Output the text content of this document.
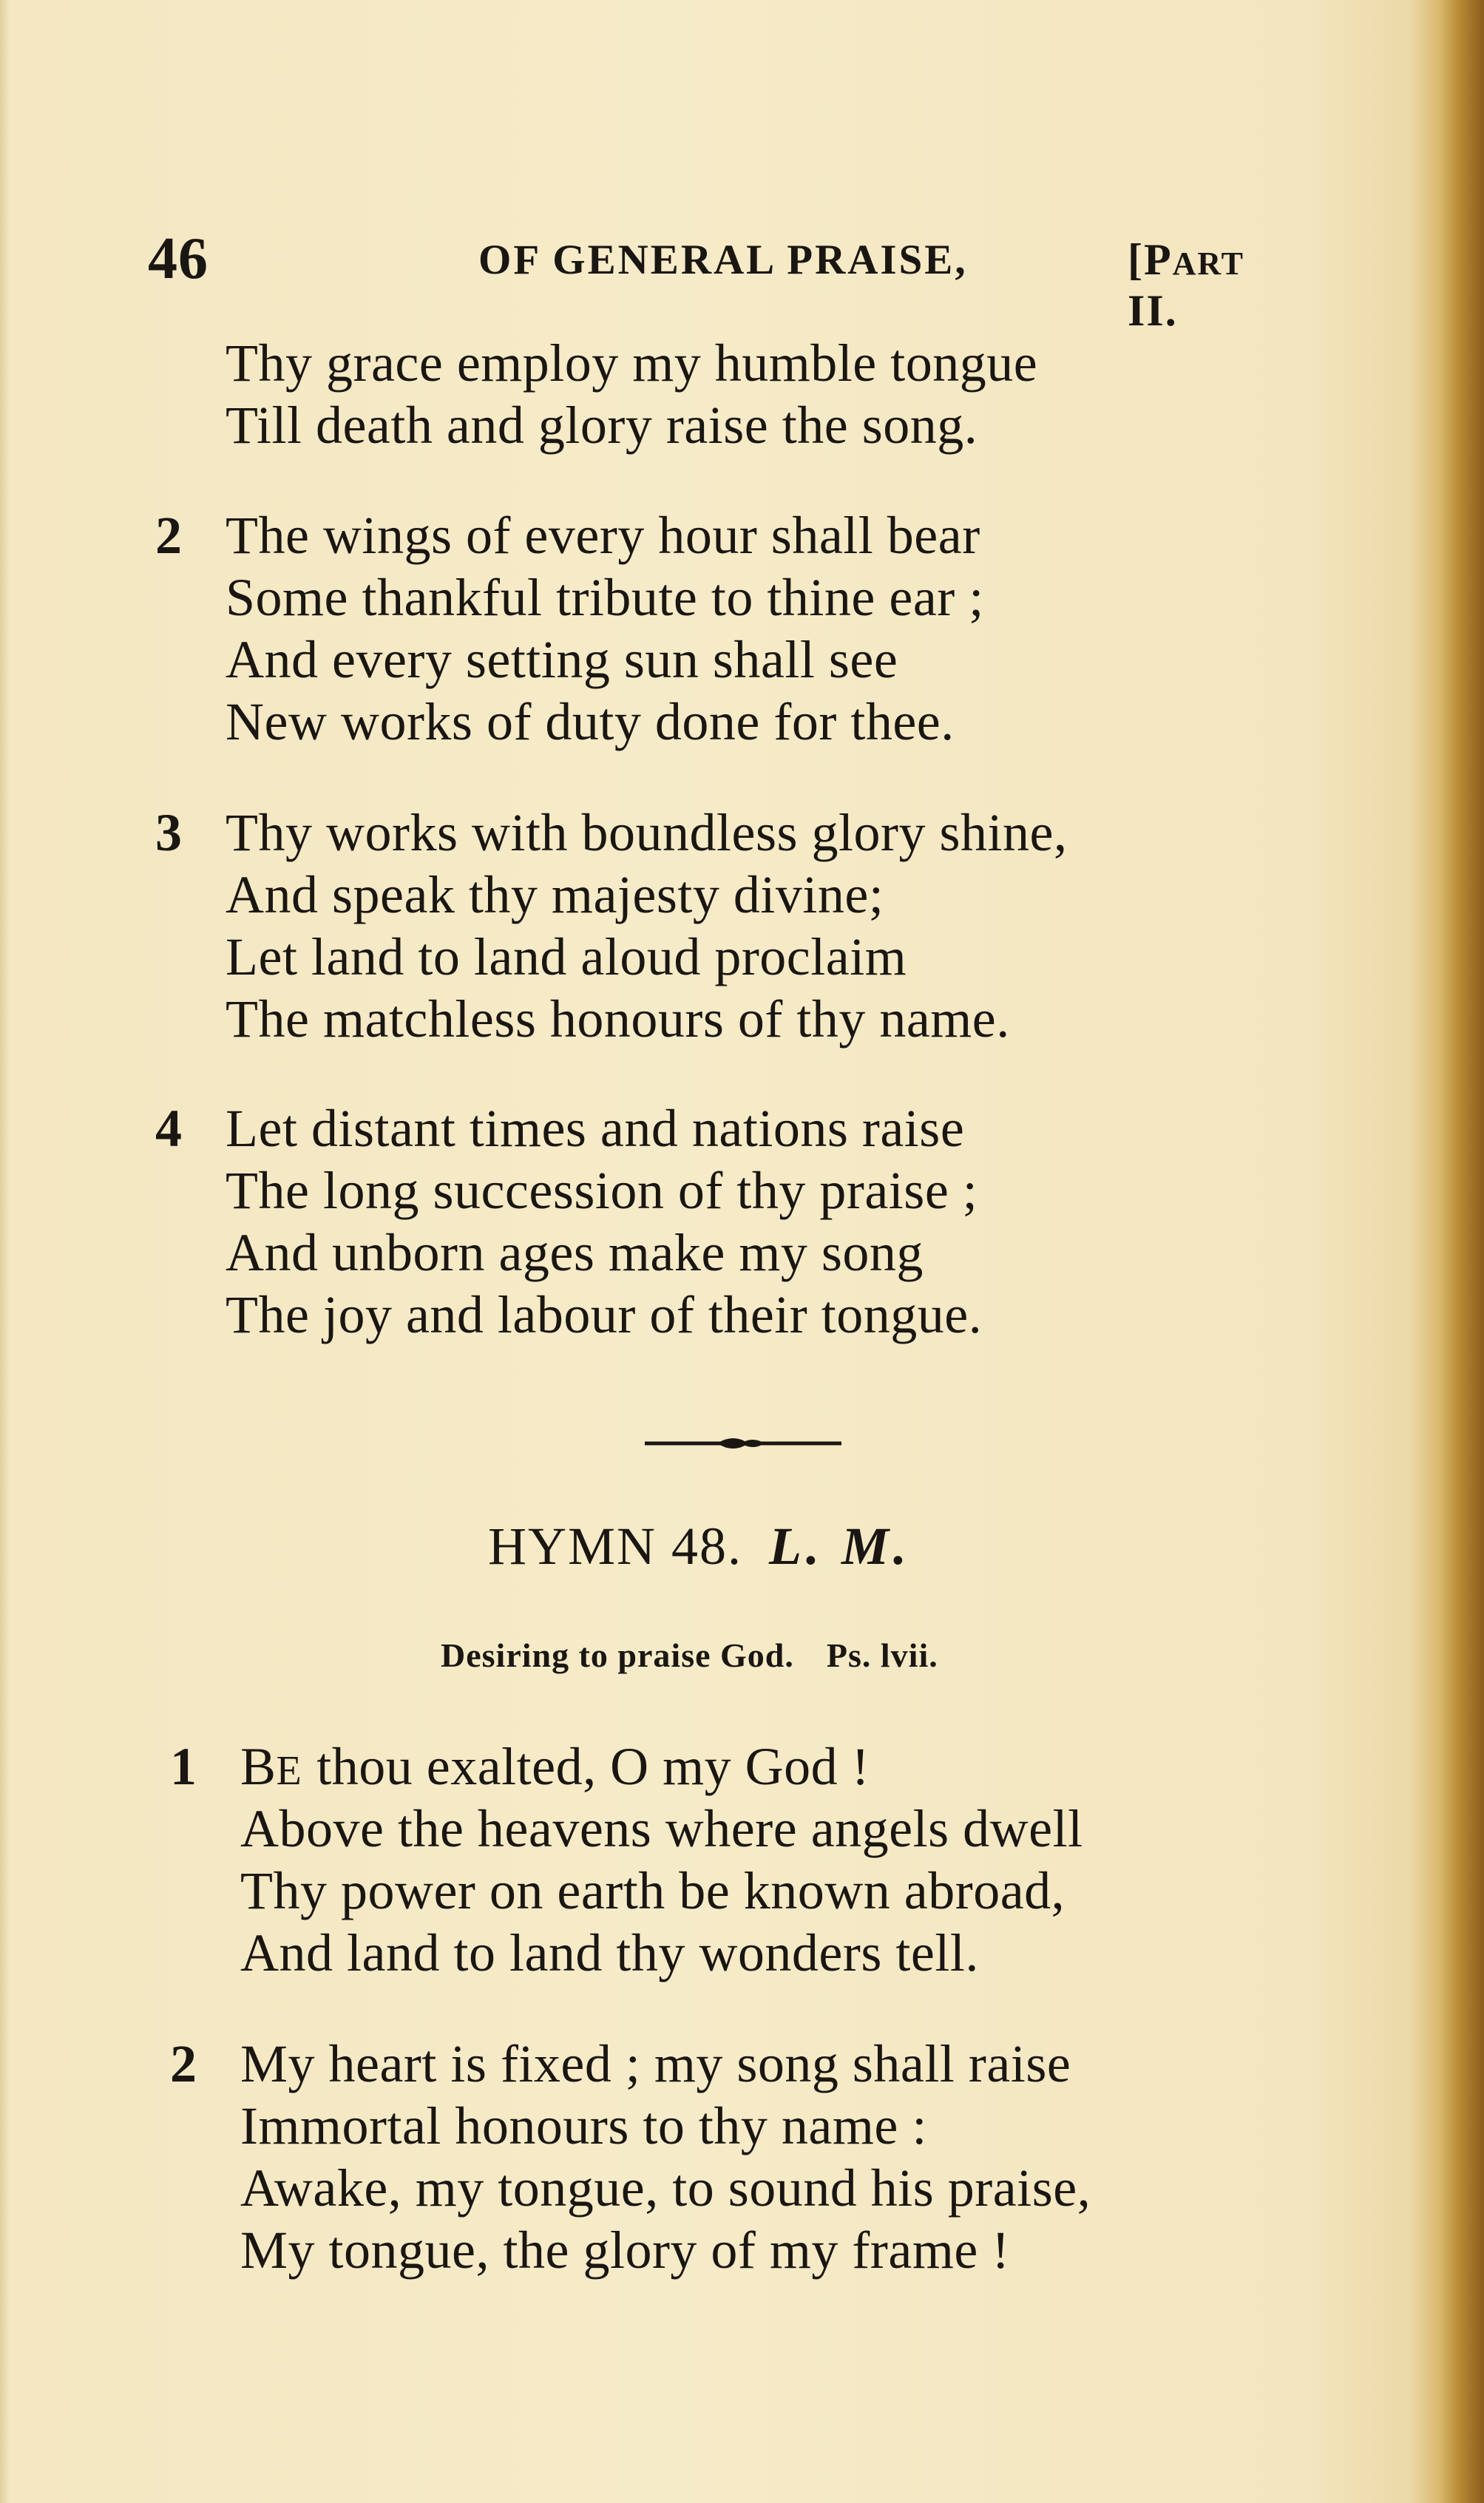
46	OF GENERAL PRAISE,	[PART II.
Thy grace employ my humble tongue
Till death and glory raise the song.
2 The wings of every hour shall bear
Some thankful tribute to thine ear ;
And every setting sun shall see
New works of duty done for thee.
3 Thy works with boundless glory shine,
And speak thy majesty divine;
Let land to land aloud proclaim
The matchless honours of thy name.
4 Let distant times and nations raise
The long succession of thy praise ;
And unborn ages make my song
The joy and labour of their tongue.
HYMN 48. L. M.
Desiring to praise God. Ps. lvii.
1 BE thou exalted, O my God !
Above the heavens where angels dwell
Thy power on earth be known abroad,
And land to land thy wonders tell.
2 My heart is fixed ; my song shall raise
Immortal honours to thy name :
Awake, my tongue, to sound his praise,
My tongue, the glory of my frame !
